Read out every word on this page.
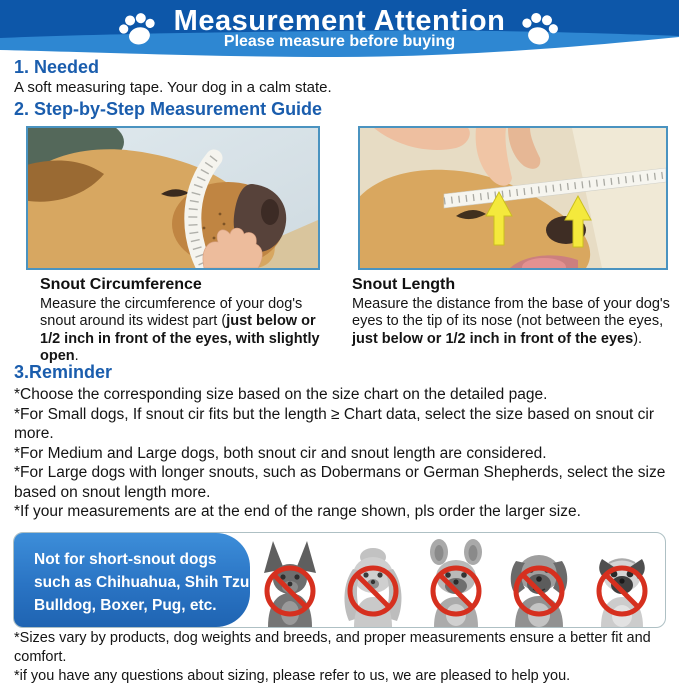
Measurement Attention
Please measure before buying
1. Needed
A soft measuring tape. Your dog in a calm state.
2. Step-by-Step Measurement Guide
Snout Circumference
Measure the circumference of your dog's snout around its widest part (just below or 1/2 inch in front of the eyes, with slightly open.
Snout Length
Measure the distance from the base of your dog's eyes to the tip of its nose (not between the eyes, just below or 1/2 inch in front of the eyes).
3.Reminder
*Choose the corresponding size based on the size chart on the detailed page.
*For Small dogs, If snout cir fits but the length ≥ Chart data, select the size based on snout cir more.
*For Medium and Large dogs, both snout cir and snout length are considered.
*For Large dogs with longer snouts, such as Dobermans or German Shepherds, select the size based on snout length more.
*If your measurements are at the end of the range shown, pls order the larger size.
Not for short-snout dogs
such as Chihuahua, Shih Tzu,
Bulldog, Boxer, Pug, etc.
*Sizes vary by products, dog weights and breeds, and proper measurements ensure a better fit and comfort.
*if you have any questions about sizing, please refer to us, we are pleased to help you.
